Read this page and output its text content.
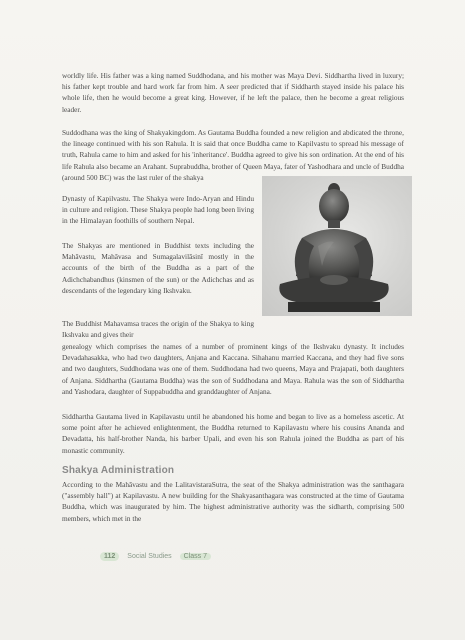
worldly life. His father was a king named Suddhodana, and his mother was Maya Devi. Siddhartha lived in luxury; his father kept trouble and hard work far from him. A seer predicted that if Siddharth stayed inside his palace his whole life, then he would become a great king. However, if he left the palace, then he become a great religious leader.

Suddodhana was the king of Shakyakingdom. As Gautama Buddha founded a new religion and abdicated the throne, the lineage continued with his son Rahula. It is said that once Buddha came to Kapilvastu to spread his message of truth, Rahula came to him and asked for his 'inheritance'. Buddha agreed to give his son ordination. At the end of his life Rahula also became an Arahant. Suprabuddha, brother of Queen Maya, fater of Yashodhara and uncle of Buddha (around 500 BC) was the last ruler of the shakya

Dynasty of Kapilvastu. The Shakya were Indo-Aryan and Hindu in culture and religion. These Shakya people had long been living in the Himalayan foothills of southern Nepal.

The Shakyas are mentioned in Buddhist texts including the Mahāvastu, Mahāvasa and Sumagalavilāsinī mostly in the accounts of the birth of the Buddha as a part of the Adichchabandhus (kinsmen of the sun) or the Adichchas and as descendants of the legendary king Ikshvaku.

The Buddhist Mahavamsa traces the origin of the Shakya to king Ikshvaku and gives their

genealogy which comprises the names of a number of prominent kings of the Ikshvaku dynasty. It includes Devadahasakka, who had two daughters, Anjana and Kaccana. Sihahanu married Kaccana, and they had five sons and two daughters, Suddhodana was one of them. Suddhodana had two queens, Maya and Prajapati, both daughters of Anjana. Siddhartha (Gautama Buddha) was the son of Suddhodana and Maya. Rahula was the son of Siddhartha and Yashodara, daughter of Suppabuddha and granddaughter of Anjana.

Siddhartha Gautama lived in Kapilavastu until he abandoned his home and began to live as a homeless ascetic. At some point after he achieved enlightenment, the Buddha returned to Kapilavastu where his cousins Ananda and Devadatta, his half-brother Nanda, his barber Upali, and even his son Rahula joined the Buddha as part of his monastic community.

Shakya Administration

According to the Mahāvastu and the LalitavistaraSutra, the seat of the Shakya administration was the santhagara ("assembly hall") at Kapilavastu. A new building for the Shakyasanthagara was constructed at the time of Gautama Buddha, which was inaugurated by him. The highest administrative authority was the sidharth, comprising 500 members, which met in the

112	Social Studies	Class 7
